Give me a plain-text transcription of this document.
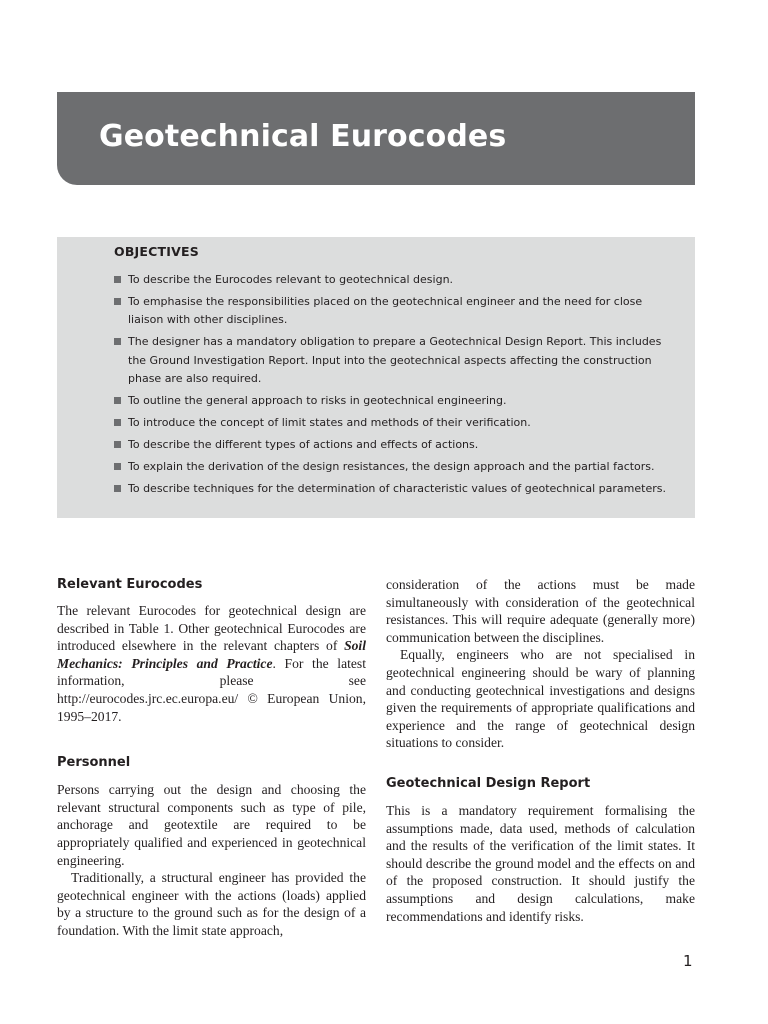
Geotechnical Eurocodes
OBJECTIVES
To describe the Eurocodes relevant to geotechnical design.
To emphasise the responsibilities placed on the geotechnical engineer and the need for close liaison with other disciplines.
The designer has a mandatory obligation to prepare a Geotechnical Design Report. This includes the Ground Investigation Report. Input into the geotechnical aspects affecting the construction phase are also required.
To outline the general approach to risks in geotechnical engineering.
To introduce the concept of limit states and methods of their verification.
To describe the different types of actions and effects of actions.
To explain the derivation of the design resistances, the design approach and the partial factors.
To describe techniques for the determination of characteristic values of geotechnical parameters.
Relevant Eurocodes

The relevant Eurocodes for geotechnical design are described in Table 1. Other geotechnical Eurocodes are introduced elsewhere in the relevant chapters of Soil Mechanics: Principles and Practice. For the latest information, please see http://eurocodes.jrc.ec.europa.eu/ © European Union, 1995–2017.

Personnel

Persons carrying out the design and choosing the relevant structural components such as type of pile, anchorage and geotextile are required to be appropriately qualified and experienced in geotechnical engineering.

Traditionally, a structural engineer has provided the geotechnical engineer with the actions (loads) applied by a structure to the ground such as for the design of a foundation. With the limit state approach,

consideration of the actions must be made simultaneously with consideration of the geotechnical resistances. This will require adequate (generally more) communication between the disciplines.

Equally, engineers who are not specialised in geotechnical engineering should be wary of planning and conducting geotechnical investigations and designs given the requirements of appropriate qualifications and experience and the range of geotechnical design situations to consider.

Geotechnical Design Report

This is a mandatory requirement formalising the assumptions made, data used, methods of calculation and the results of the verification of the limit states. It should describe the ground model and the effects on and of the proposed construction. It should justify the assumptions and design calculations, make recommendations and identify risks.

1
